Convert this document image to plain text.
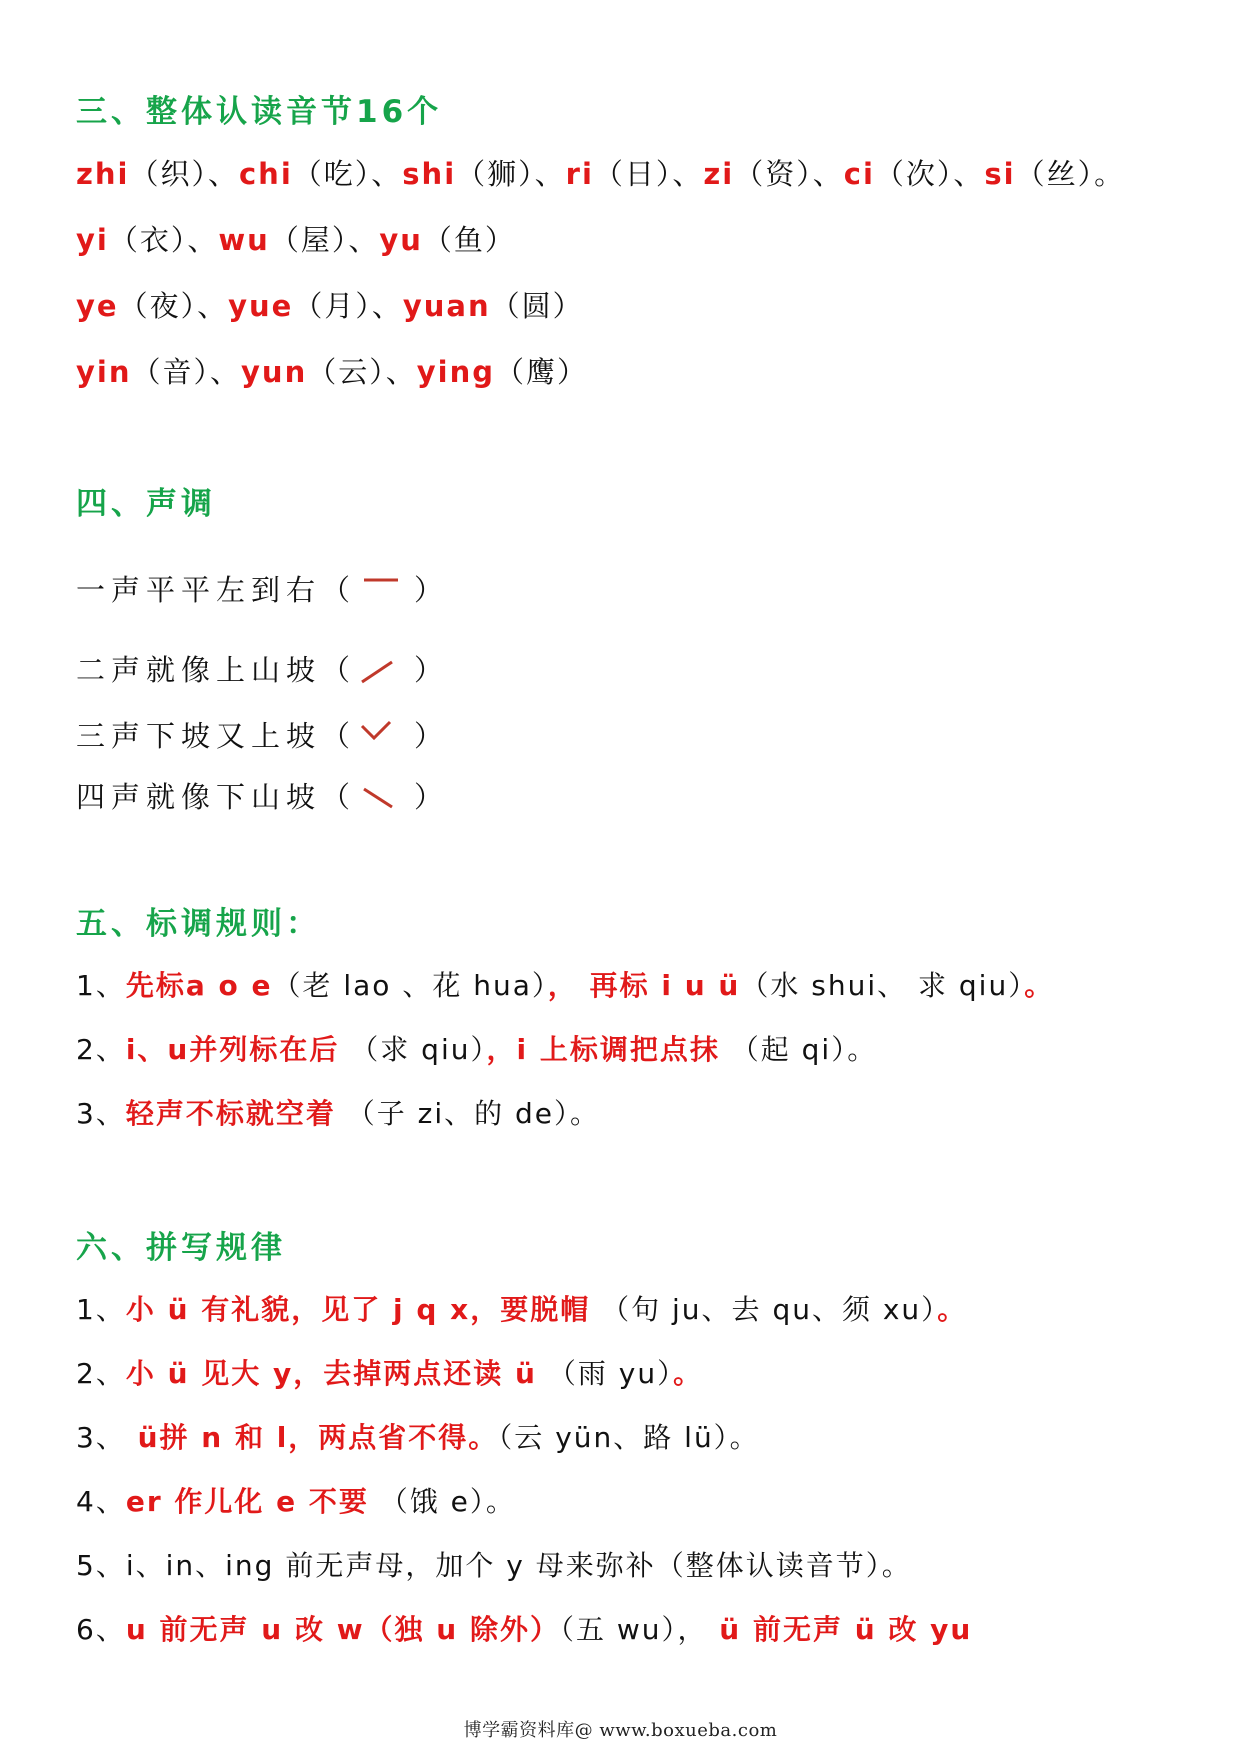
三、整体认读音节16个
zhi（织）、chi（吃）、shi（狮）、ri（日）、zi（资）、ci（次）、si（丝）。
yi（衣）、wu（屋）、yu（鱼）
ye（夜）、yue（月）、yuan（圆）
yin（音）、yun（云）、ying（鹰）
四、声调
一声平平左到右（ ）
二声就像上山坡（ ）
三声下坡又上坡（ ）
四声就像下山坡（ ）
五、标调规则：
1、先标a o e（老 lao 、花 hua）， 再标 i u ü（水 shui、 求 qiu）。
2、i、u并列标在后 （求 qiu），i 上标调把点抹 （起 qi）。
3、轻声不标就空着 （子 zi、的 de）。
六、拼写规律
1、小 ü 有礼貌，见了 j q x，要脱帽 （句 ju、去 qu、须 xu）。
2、小 ü 见大 y，去掉两点还读 ü （雨 yu）。
3、 ü拼 n 和 l，两点省不得。（云 yün、路 lü）。
4、er 作儿化 e 不要 （饿 e）。
5、i、in、ing 前无声母，加个 y 母来弥补（整体认读音节）。
6、u 前无声 u 改 w（独 u 除外）（五 wu）， ü 前无声 ü 改 yu
博学霸资料库@ www.boxueba.com
